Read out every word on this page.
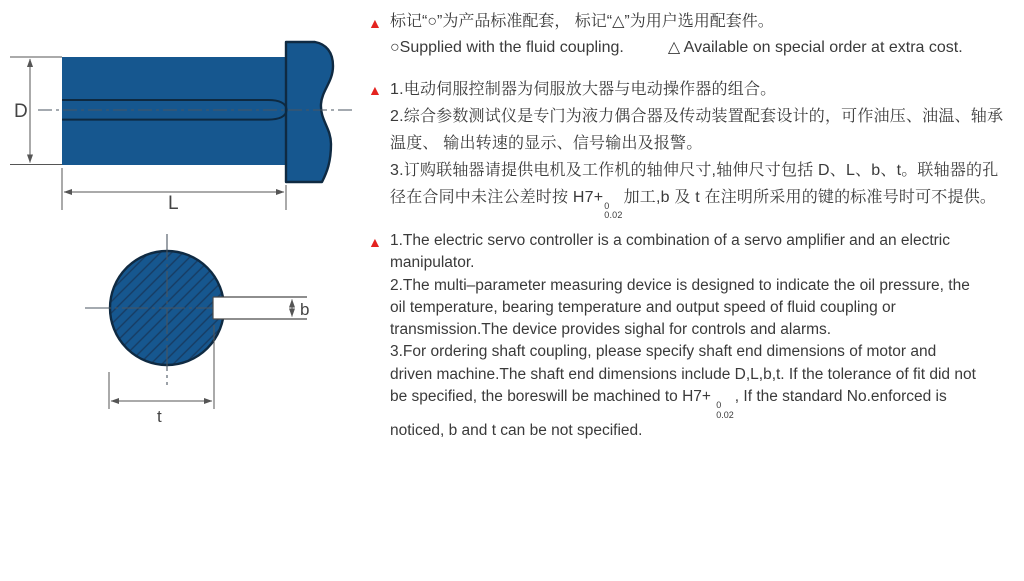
D
L
b
t
▲ 标记“○”为产品标准配套， 标记“△”为用户选用配套件。
○Supplied with the fluid coupling.	△ Available on special order at extra cost.
▲ 1.电动伺服控制器为伺服放大器与电动操作器的组合。
2.综合参数测试仪是专门为液力偶合器及传动装置配套设计的，可作油压、油温、轴承
温度、 输出转速的显示、信号输出及报警。
3.订购联轴器请提供电机及工作机的轴伸尺寸,轴伸尺寸包括 D、L、b、t。联轴器的孔
径在合同中未注公差时按 H7+ 0
0.02
加工,b 及 t 在注明所采用的键的标准号时可不提供。
▲ 1.The electric servo controller is a combination of a servo amplifier and an electric
manipulator.
2.The multi–parameter measuring device is designed to indicate the oil pressure, the
oil temperature, bearing temperature and output speed of fluid coupling or
transmission.The device provides sighal for controls and alarms.
3.For ordering shaft coupling, please specify shaft end dimensions of motor and
driven machine.The shaft end dimensions include D,L,b,t. If the tolerance of fit did not
be specified, the boreswill be machined to H7+ 0
0.02
, If the standard No.enforced is
noticed, b and t can be not specified.
